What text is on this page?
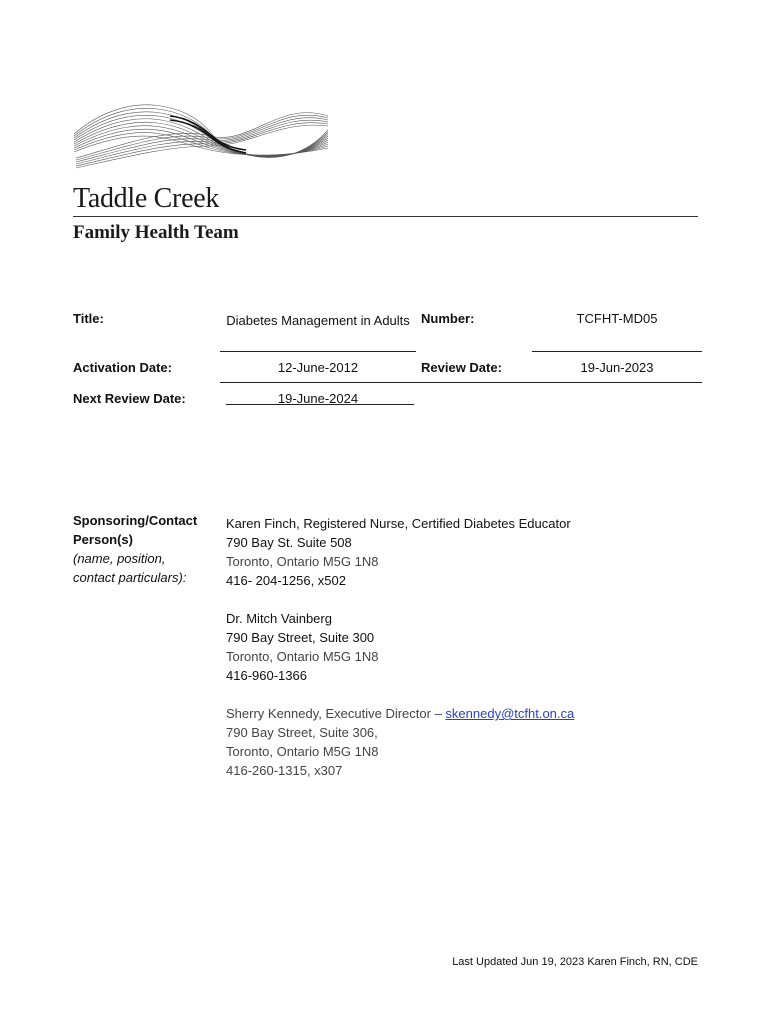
Taddle Creek
Family Health Team
Title:	Diabetes Management in Adults Number:	TCFHT-MD05
Activation Date:	12-June-2012	Review Date:	19-Jun-2023
Next Review Date:	19-June-2024
Sponsoring/Contact
Person(s)
(name, position,
contact particulars):
Karen Finch, Registered Nurse, Certified Diabetes Educator
790 Bay St. Suite 508
Toronto, Ontario M5G 1N8
416- 204-1256, x502
Dr. Mitch Vainberg
790 Bay Street, Suite 300
Toronto, Ontario M5G 1N8
416-960-1366
Sherry Kennedy, Executive Director – skennedy@tcfht.on.ca
790 Bay Street, Suite 306,
Toronto, Ontario M5G 1N8
416-260-1315, x307
Last Updated Jun 19, 2023 Karen Finch, RN, CDE
